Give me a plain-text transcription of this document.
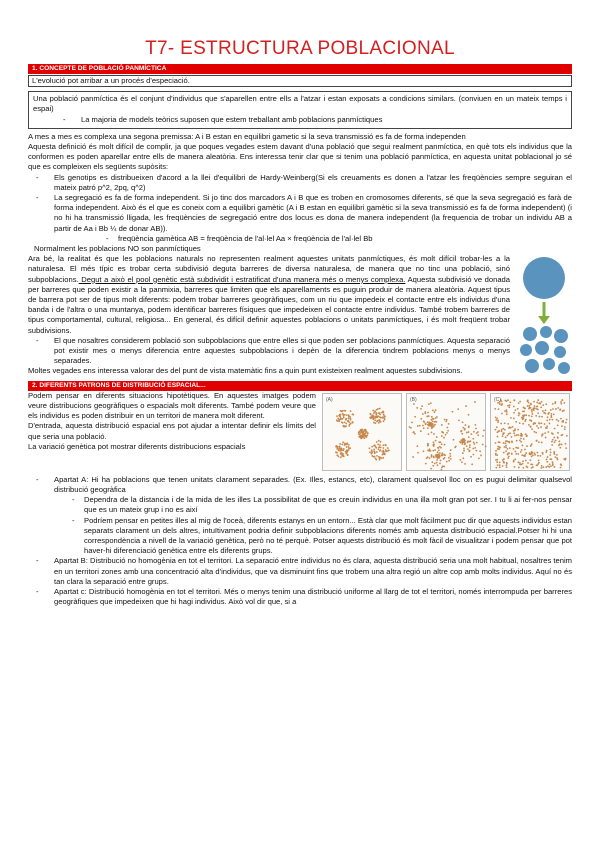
T7- ESTRUCTURA POBLACIONAL
1. CONCEPTE DE POBLACIÓ PANMÍCTICA
L'evolució pot arribar a un procés d'especiació.

Una població panmíctica és el conjunt d'individus que s'aparellen entre ells a l'atzar i estan exposats a condicions similars. (conviuen en un mateix temps i espai)

- La majoria de models teòrics suposen que estem treballant amb poblacions panmíctiques

A mes a mes es complexa una segona premissa: A i B estan en equilibri gametic si la seva transmissió es fa de forma independen

Aquesta definició és molt difícil de complir, ja que poques vegades estem davant d'una població que segui realment panmíctica, en què tots els individus que la conformen es poden aparellar entre ells de manera aleatòria. Ens interessa tenir clar que si tenim una població panmíctica, en aquesta unitat poblacional jo sé que es compleixen els següents supòsits:

- Els genotips es distribueixen d'acord a la llei d'equilibri de Hardy-Weinberg(Si els creuaments es donen a l'atzar les freqüències sempre seguiran el mateix patró p^2, 2pq, q^2)
- La segregació es fa de forma independent. Si jo tinc dos marcadors A i B que es troben en cromosomes diferents, sé que la seva segregació es farà de forma independent. Això és el que es coneix com a equilibri gamètic (A i B estan en equilibri gamètic si la seva transmissió es fa de forma independent) (i no hi ha transmissió lligada, les freqüències de segregació entre dos locus es dona de manera independent (la frequencia de trobar un individu AB a partir de Aa i Bb ¼ de donar AB)).
- freqüència gamètica AB = freqüència de l'al·lel Aa × freqüència de l'al·lel Bb

Normalment les poblacions NO son panmíctiques

Ara bé, la realitat és que les poblacions naturals no representen realment aquestes unitats panmíctiques, és molt difícil trobar-les a la naturalesa. El més típic es trobar certa subdivisió deguta barreres de diversa naturalesa, de manera que no tinc una població, sinó subpoblacions. Degut a això el pool genètic està subdividit i estratificat d'una manera més o menys complexa. Aquesta subdivisió ve donada per barreres que poden existir a la panmixia, barreres que limiten que els aparellaments es puguin produir de manera aleatòria. Aquest tipus de barrera pot ser de tipus molt diferents: podem trobar barreres geogràfiques, com un riu que impedeix el contacte entre els individus d'una banda i de l'altra o una muntanya, podem identificar barreres físiques que impedeixen el contacte entre individus. També trobem barreres de tipus comportamental, cultural, religiosa... En general, és difícil definir aquestes poblacions o unitats panmíctiques, i és molt freqüent trobar subdivisions.

- El que nosaltres considerem població son subpoblacions que entre elles si que poden ser poblacions panmíctiques. Aquesta separació pot existir mes o menys diferencia entre aquestes subpoblacions i depèn de la diferencia tindrem poblacions menys o menys separades.

Moltes vegades ens interessa valorar des del punt de vista matemàtic fins a quin punt existeixen realment aquestes subdivisions.

2. DIFERENTS PATRONS DE DISTRIBUCIÓ ESPACIAL...
(A)	(B)	(C)

Podem pensar en diferents situacions hipotètiques. En aquestes imatges podem veure distribucions geogràfiques o espacials molt diferents. També podem veure que els individus es poden distribuir en un territori de manera molt diferent.

D'entrada, aquesta distribució espacial ens pot ajudar a intentar definir els límits del que seria una població.

La variació genètica pot mostrar diferents distribucions espacials

- Apartat A: Hi ha poblacions que tenen unitats clarament separades. (Ex. Illes, estancs, etc), clarament qualsevol lloc on es pugui delimitar qualsevol distribució geogràfica
- Dependra de la distancia i de la mida de les illes La possibilitat de que es creuin individus en una illa molt gran pot ser. I tu li ai fer-nos pensar que es un mateix grup i no es així
- Podríem pensar en petites illes al mig de l'oceà, diferents estanys en un entorn... Està clar que molt fàcilment puc dir que aquests individus estan separats clarament un dels altres, intuïtivament podria definir subpoblacions diferents només amb aquesta distribució espacial.Potser hi hi una correspondència a nivell de la variació genètica, però no té perquè. Potser aquests distribució és molt fàcil de visualitzar i podem pensar que pot haver-hi diferenciació genètica entre els diferents grups.
- Apartat B: Distribució no homogènia en tot el territori. La separació entre individus no és clara, aquesta distribució seria una molt habitual, nosaltres tenim en un territori zones amb una concentració alta d'individus, que va disminuint fins que trobem una altra regió un altre cop amb molts individus. Aquí no és tan clara la separació entre grups.
- Apartat c: Distribució homogènia en tot el territori. Més o menys tenim una distribució uniforme al llarg de tot el territori, només interrompuda per barreres geogràfiques que impedeixen que hi hagi individus. Això vol dir que, si a
